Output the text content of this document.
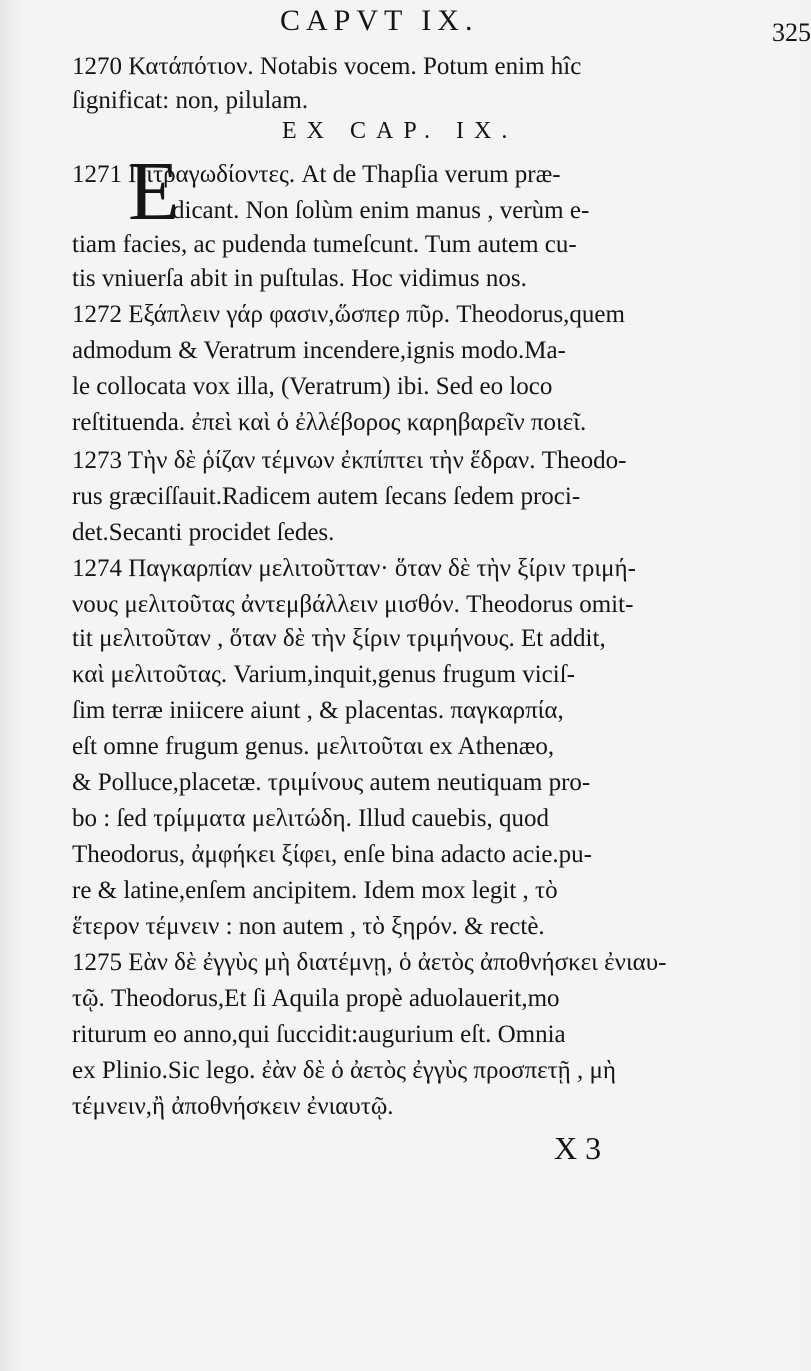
CAPVT IX.	325
1270 Κατάπότιον. Notabis vocem. Potum enim hîc
ſignificat: non, pilulam.
EX CAP. IX.
E
1271 Πιτραγωδίοντες. At de Thapſia verum præ-
dicant. Non ſolùm enim manus , verùm e-
tiam facies, ac pudenda tumeſcunt. Tum autem cu-
tis vniuerſa abit in puſtulas. Hoc vidimus nos.
1272 Εξάπλειν γάρ φασιν,ὥσπερ πῦρ. Theodorus,quem
admodum & Veratrum incendere,ignis modo.Ma-
le collocata vox illa, (Veratrum) ibi. Sed eo loco
reſtituenda. ἐπεὶ καὶ ὁ ἐλλέβορος καρηβαρεῖν ποιεῖ.
1273 Τὴν δὲ ῥίζαν τέμνων ἐκπίπτει τὴν ἕδραν. Theodo-
rus græciſſauit.Radicem autem ſecans ſedem proci-
det.Secanti procidet ſedes.
1274 Παγκαρπίαν μελιτοῦτταν· ὅταν δὲ τὴν ξίριν τριμή-
νους μελιτοῦτας ἀντεμβάλλειν μισθόν. Theodorus omit-
tit μελιτοῦταν , ὅταν δὲ τὴν ξίριν τριμήνους. Et addit,
καὶ μελιτοῦτας. Varium,inquit,genus frugum viciſ-
ſim terræ iniicere aiunt , & placentas. παγκαρπία,
eſt omne frugum genus. μελιτοῦται ex Athenæo,
& Polluce,placetæ. τριμίνους autem neutiquam pro-
bo : ſed τρίμματα μελιτώδη. Illud cauebis, quod
Theodorus, ἀμφήκει ξίφει, enſe bina adacto acie.pu-
re & latine,enſem ancipitem. Idem mox legit , τὸ
ἕτερον τέμνειν : non autem , τὸ ξηρόν. & rectè.
1275 Εὰν δὲ ἐγγὺς μὴ διατέμνῃ, ὁ ἀετὸς ἀποθνήσκει ἐνιαυ-
τῷ. Theodorus,Et ſi Aquila propè aduolauerit,mo
riturum eo anno,qui ſuccidit:augurium eſt. Omnia
ex Plinio.Sic lego. ἐὰν δὲ ὁ ἀετὸς ἐγγὺς προσπετῇ , μὴ
τέμνειν,ἢ ἀποθνήσκειν ἐνιαυτῷ.
X 3
